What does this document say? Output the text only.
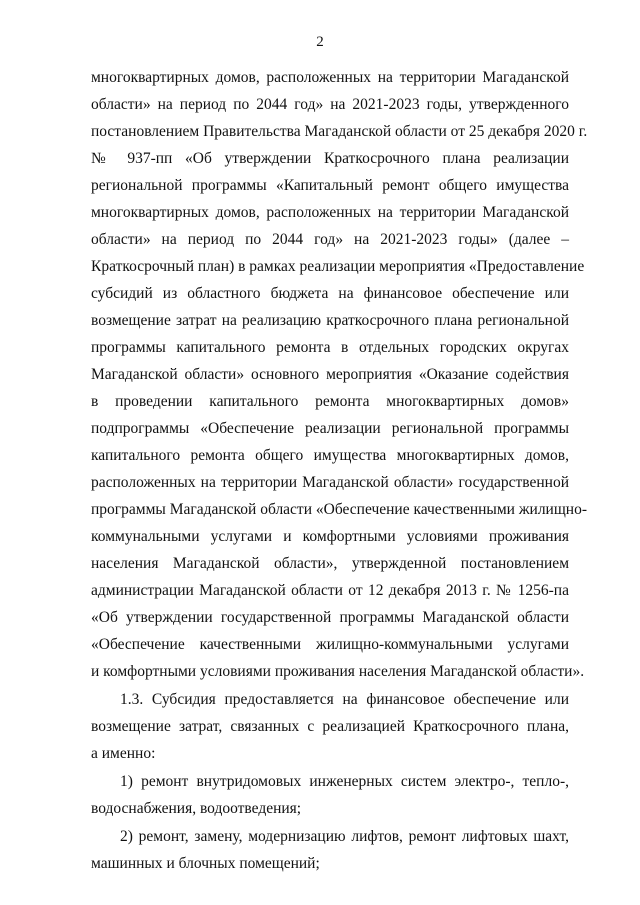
2
многоквартирных домов, расположенных на территории Магаданской
области» на период по 2044 год» на 2021-2023 годы, утвержденного
постановлением Правительства Магаданской области от 25 декабря 2020 г.
№ 937-пп «Об утверждении Краткосрочного плана реализации
региональной программы «Капитальный ремонт общего имущества
многоквартирных домов, расположенных на территории Магаданской
области» на период по 2044 год» на 2021-2023 годы» (далее –
Краткосрочный план) в рамках реализации мероприятия «Предоставление
субсидий из областного бюджета на финансовое обеспечение или
возмещение затрат на реализацию краткосрочного плана региональной
программы капитального ремонта в отдельных городских округах
Магаданской области» основного мероприятия «Оказание содействия
в проведении капитального ремонта многоквартирных домов»
подпрограммы «Обеспечение реализации региональной программы
капитального ремонта общего имущества многоквартирных домов,
расположенных на территории Магаданской области» государственной
программы Магаданской области «Обеспечение качественными жилищно-
коммунальными услугами и комфортными условиями проживания
населения Магаданской области», утвержденной постановлением
администрации Магаданской области от 12 декабря 2013 г. № 1256-па
«Об утверждении государственной программы Магаданской области
«Обеспечение качественными жилищно-коммунальными услугами
и комфортными условиями проживания населения Магаданской области».
1.3. Субсидия предоставляется на финансовое обеспечение или
возмещение затрат, связанных с реализацией Краткосрочного плана,
а именно:
1) ремонт внутридомовых инженерных систем электро-, тепло-,
водоснабжения, водоотведения;
2) ремонт, замену, модернизацию лифтов, ремонт лифтовых шахт,
машинных и блочных помещений;
